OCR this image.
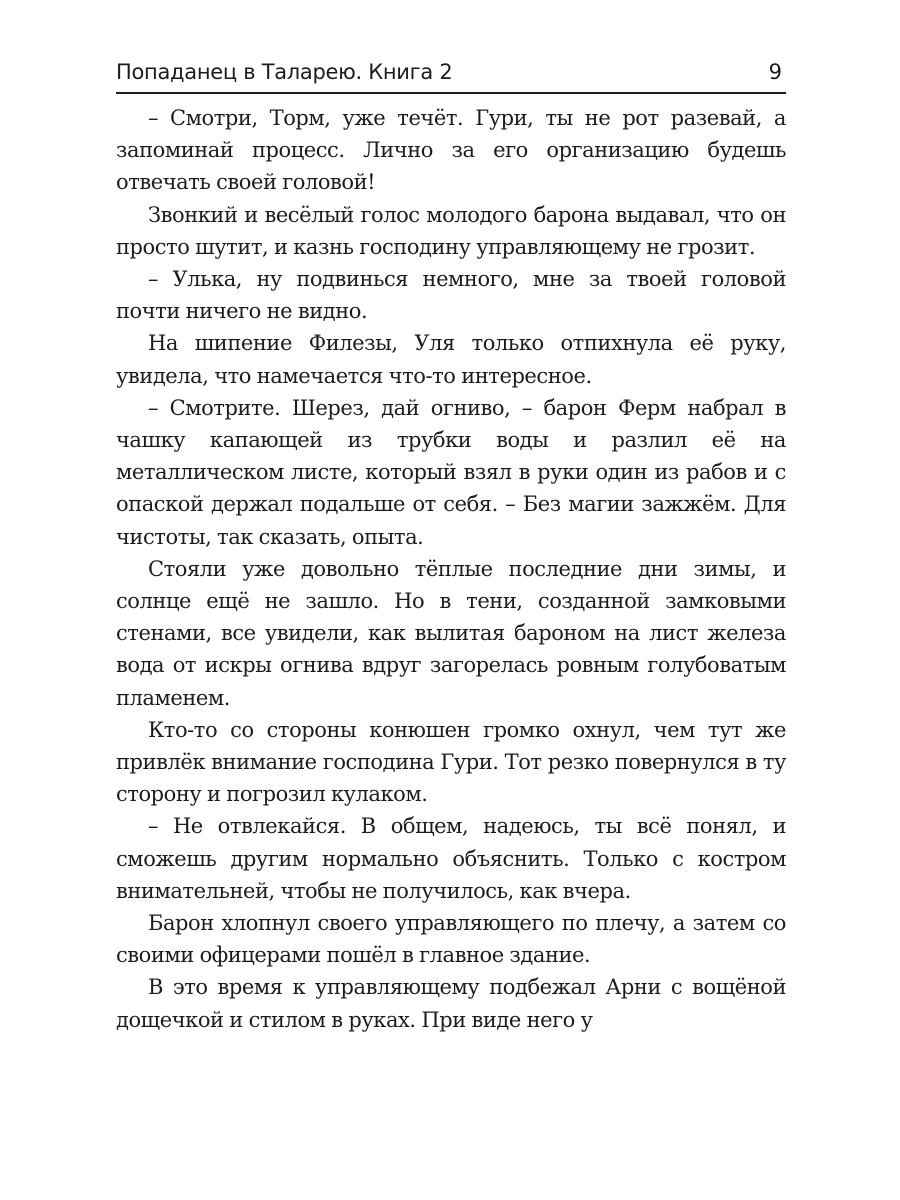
Попаданец в Таларею. Книга 2	9

– Смотри, Торм, уже течёт. Гури, ты не рот разевай, а запоминай процесс. Лично за его организацию будешь отвечать своей головой!

Звонкий и весёлый голос молодого барона выдавал, что он просто шутит, и казнь господину управляющему не грозит.

– Улька, ну подвинься немного, мне за твоей головой почти ничего не видно.

На шипение Филезы, Уля только отпихнула её руку, увидела, что намечается что-то интересное.

– Смотрите. Шерез, дай огниво, – барон Ферм набрал в чашку капающей из трубки воды и разлил её на металлическом листе, который взял в руки один из рабов и с опаской держал подальше от себя. – Без магии зажжём. Для чистоты, так сказать, опыта.

Стояли уже довольно тёплые последние дни зимы, и солнце ещё не зашло. Но в тени, созданной замковыми стенами, все увидели, как вылитая бароном на лист железа вода от искры огнива вдруг загорелась ровным голубоватым пламенем.

Кто-то со стороны конюшен громко охнул, чем тут же привлёк внимание господина Гури. Тот резко повернулся в ту сторону и погрозил кулаком.

– Не отвлекайся. В общем, надеюсь, ты всё понял, и сможешь другим нормально объяснить. Только с костром внимательней, чтобы не получилось, как вчера.

Барон хлопнул своего управляющего по плечу, а затем со своими офицерами пошёл в главное здание.

В это время к управляющему подбежал Арни с вощёной дощечкой и стилом в руках. При виде него у
